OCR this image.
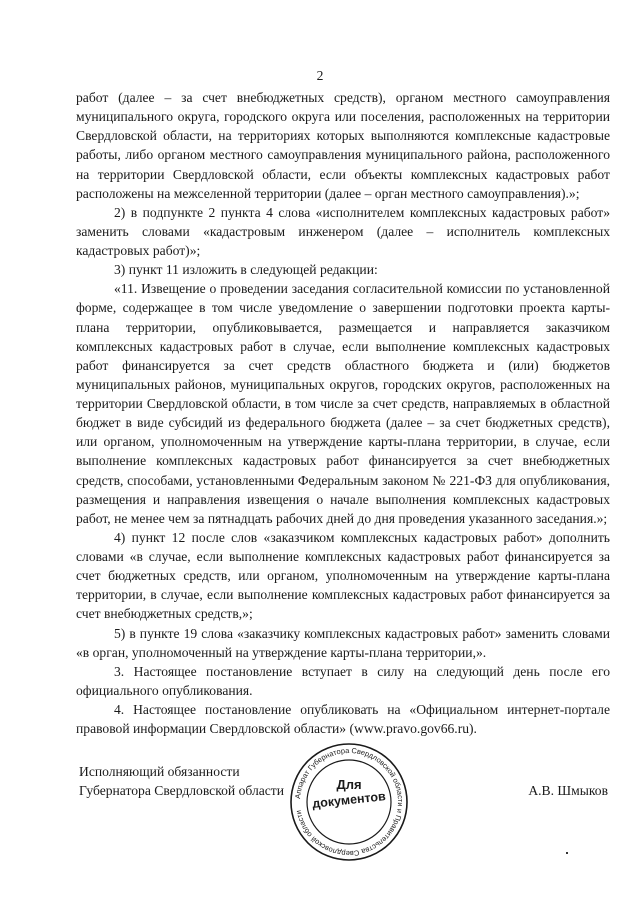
2

работ (далее – за счет внебюджетных средств), органом местного самоуправления муниципального округа, городского округа или поселения, расположенных на территории Свердловской области, на территориях которых выполняются комплексные кадастровые работы, либо органом местного самоуправления муниципального района, расположенного на территории Свердловской области, если объекты комплексных кадастровых работ расположены на межселенной территории (далее – орган местного самоуправления).»;

2) в подпункте 2 пункта 4 слова «исполнителем комплексных кадастровых работ» заменить словами «кадастровым инженером (далее – исполнитель комплексных кадастровых работ)»;

3) пункт 11 изложить в следующей редакции:

«11. Извещение о проведении заседания согласительной комиссии по установленной форме, содержащее в том числе уведомление о завершении подготовки проекта карты-плана территории, опубликовывается, размещается и направляется заказчиком комплексных кадастровых работ в случае, если выполнение комплексных кадастровых работ финансируется за счет средств областного бюджета и (или) бюджетов муниципальных районов, муниципальных округов, городских округов, расположенных на территории Свердловской области, в том числе за счет средств, направляемых в областной бюджет в виде субсидий из федерального бюджета (далее – за счет бюджетных средств), или органом, уполномоченным на утверждение карты-плана территории, в случае, если выполнение комплексных кадастровых работ финансируется за счет внебюджетных средств, способами, установленными Федеральным законом № 221-ФЗ для опубликования, размещения и направления извещения о начале выполнения комплексных кадастровых работ, не менее чем за пятнадцать рабочих дней до дня проведения указанного заседания.»;

4) пункт 12 после слов «заказчиком комплексных кадастровых работ» дополнить словами «в случае, если выполнение комплексных кадастровых работ финансируется за счет бюджетных средств, или органом, уполномоченным на утверждение карты-плана территории, в случае, если выполнение комплексных кадастровых работ финансируется за счет внебюджетных средств,»;

5) в пункте 19 слова «заказчику комплексных кадастровых работ» заменить словами «в орган, уполномоченный на утверждение карты-плана территории,».

3. Настоящее постановление вступает в силу на следующий день после его официального опубликования.

4. Настоящее постановление опубликовать на «Официальном интернет-портале правовой информации Свердловской области» (www.pravo.gov66.ru).

Исполняющий обязанности
Губернатора Свердловской области	А.В. Шмыков
Аппарат Губернатора Свердловской области и Правительства Свердловской области
Для
документов
